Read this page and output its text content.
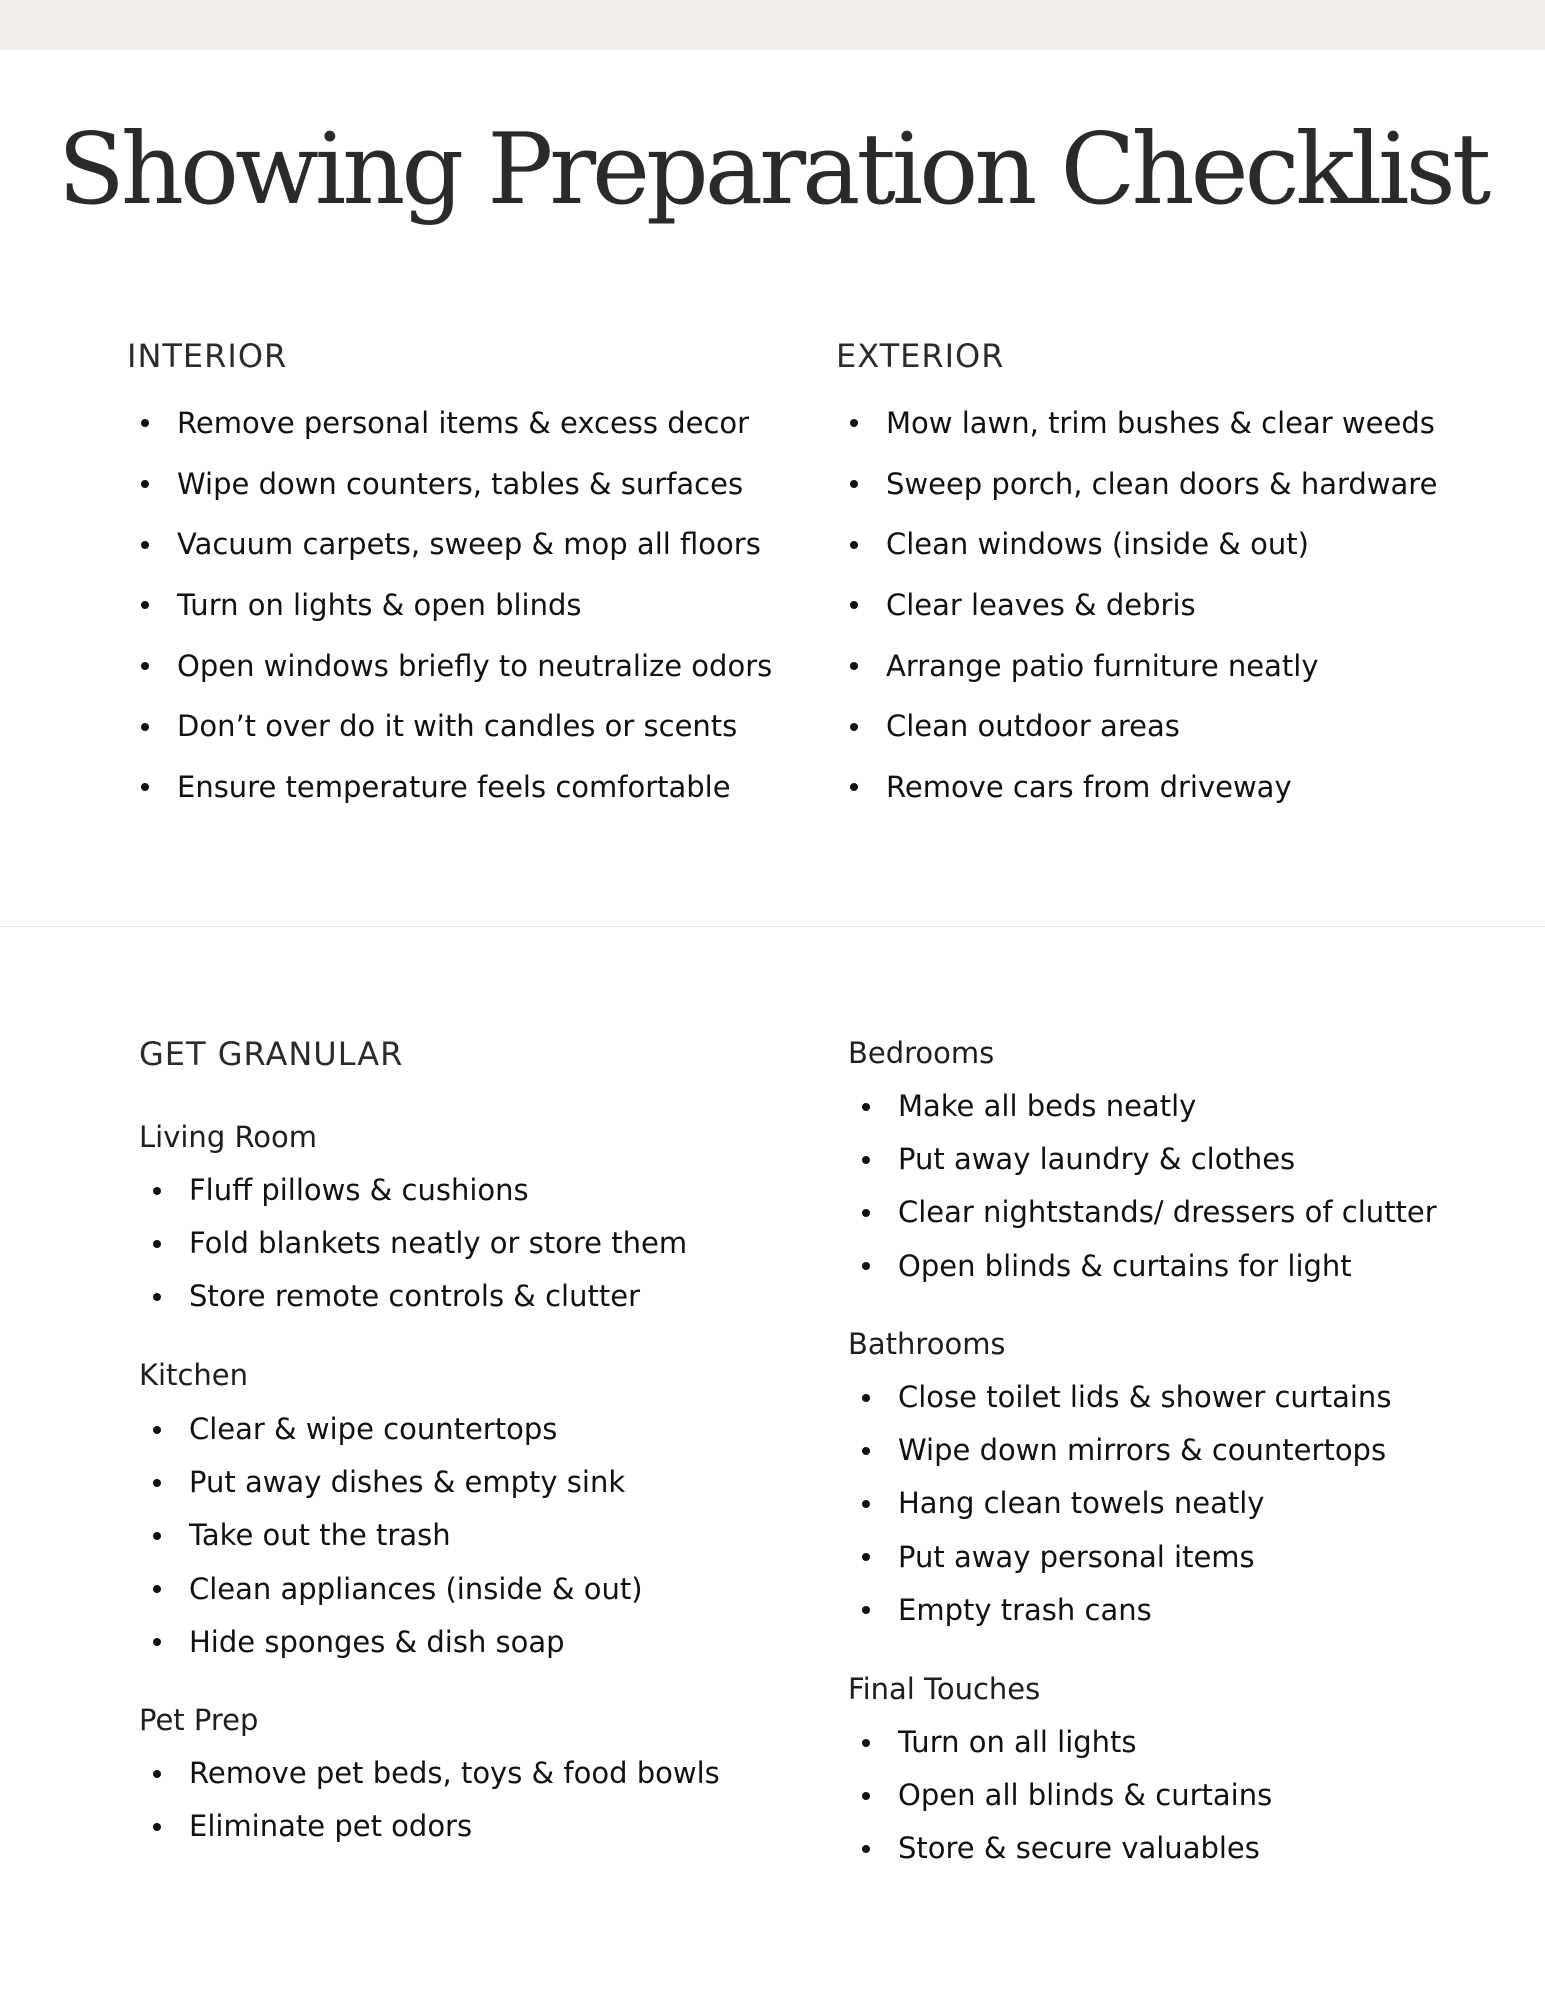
Showing Preparation Checklist
INTERIOR
Remove personal items & excess decor
Wipe down counters, tables & surfaces
Vacuum carpets, sweep & mop all floors
Turn on lights & open blinds
Open windows briefly to neutralize odors
Don’t over do it with candles or scents
Ensure temperature feels comfortable
EXTERIOR
Mow lawn, trim bushes & clear weeds
Sweep porch, clean doors & hardware
Clean windows (inside & out)
Clear leaves & debris
Arrange patio furniture neatly
Clean outdoor areas
Remove cars from driveway
GET GRANULAR
Living Room
Fluff pillows & cushions
Fold blankets neatly or store them
Store remote controls & clutter
Kitchen
Clear & wipe countertops
Put away dishes & empty sink
Take out the trash
Clean appliances (inside & out)
Hide sponges & dish soap
Pet Prep
Remove pet beds, toys & food bowls
Eliminate pet odors
Bedrooms
Make all beds neatly
Put away laundry & clothes
Clear nightstands/ dressers of clutter
Open blinds & curtains for light
Bathrooms
Close toilet lids & shower curtains
Wipe down mirrors & countertops
Hang clean towels neatly
Put away personal items
Empty trash cans
Final Touches
Turn on all lights
Open all blinds & curtains
Store & secure valuables
